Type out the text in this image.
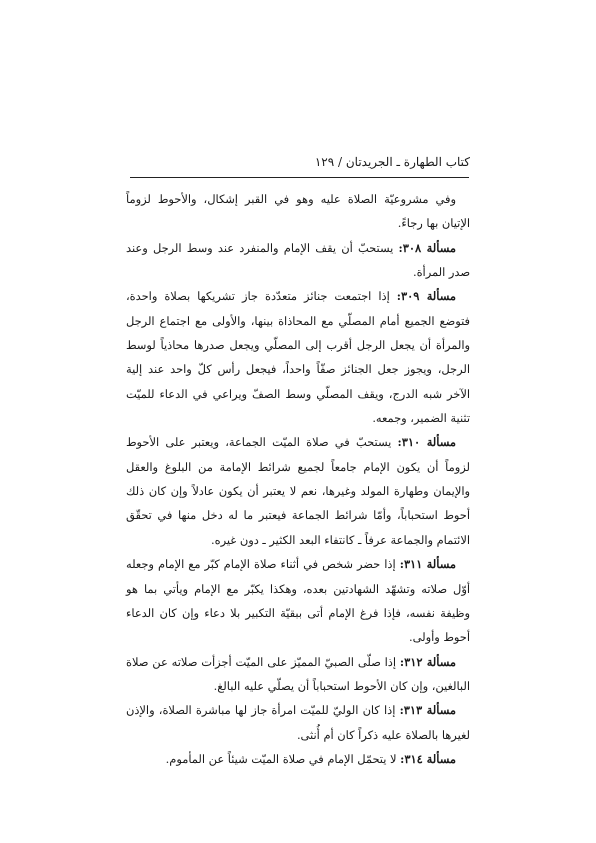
كتاب الطهارة ـ الجريدتان / ١٢٩

وفي مشروعيّة الصلاة عليه وهو في القبر إشكال، والأحوط لزوماً الإتيان بها رجاءً.

مسألة ٣٠٨: يستحبّ أن يقف الإمام والمنفرد عند وسط الرجل وعند صدر المرأة.

مسألة ٣٠٩: إذا اجتمعت جنائز متعدّدة جاز تشريكها بصلاة واحدة، فتوضع الجميع أمام المصلّي مع المحاذاة بينها، والأولى مع اجتماع الرجل والمرأة أن يجعل الرجل أقرب إلى المصلّي ويجعل صدرها محاذياً لوسط الرجل، ويجوز جعل الجنائز صفّاً واحداً، فيجعل رأس كلّ واحد عند إلية الآخر شبه الدرج، ويقف المصلّي وسط الصفّ ويراعي في الدعاء للميّت تثنية الضمير، وجمعه.

مسألة ٣١٠: يستحبّ في صلاة الميّت الجماعة، ويعتبر على الأحوط لزوماً أن يكون الإمام جامعاً لجميع شرائط الإمامة من البلوغ والعقل والإيمان وطهارة المولد وغيرها، نعم لا يعتبر أن يكون عادلاً وإن كان ذلك أحوط استحباباً، وأمّا شرائط الجماعة فيعتبر ما له دخل منها في تحقّق الائتمام والجماعة عرفاً ـ كانتفاء البعد الكثير ـ دون غيره.

مسألة ٣١١: إذا حضر شخص في أثناء صلاة الإمام كبّر مع الإمام وجعله أوّل صلاته وتشهّد الشهادتين بعده، وهكذا يكبّر مع الإمام ويأتي بما هو وظيفة نفسه، فإذا فرغ الإمام أتى ببقيّة التكبير بلا دعاء وإن كان الدعاء أحوط وأولى.

مسألة ٣١٢: إذا صلّى الصبيّ المميّز على الميّت أجزأت صلاته عن صلاة البالغين، وإن كان الأحوط استحباباً أن يصلّي عليه البالغ.

مسألة ٣١٣: إذا كان الوليّ للميّت امرأة جاز لها مباشرة الصلاة، والإذن لغيرها بالصلاة عليه ذكراً كان أم أُنثى.

مسألة ٣١٤: لا يتحمّل الإمام في صلاة الميّت شيئاً عن المأموم.
